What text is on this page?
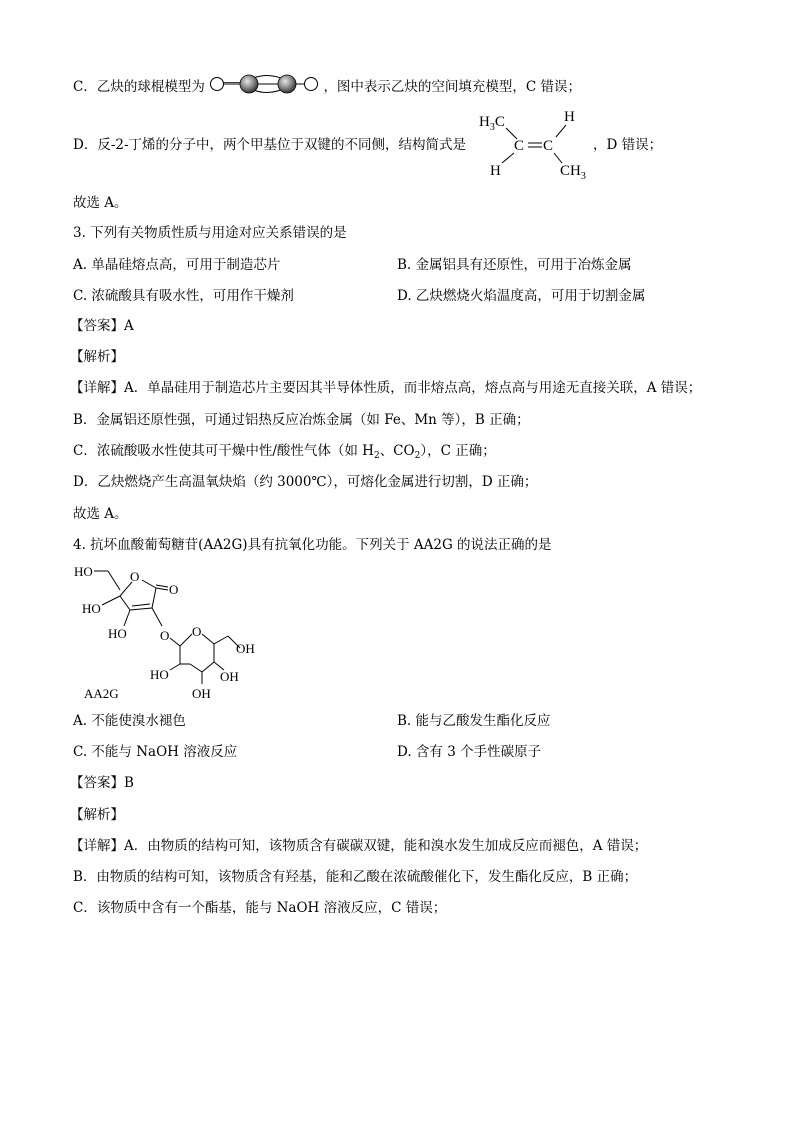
C．乙炔的球棍模型为	，图中表示乙炔的空间填充模型，C 错误；
D．反-2-丁烯的分子中，两个甲基位于双键的不同侧，结构简式是
$H_3C$
C C
H
H	$CH_3$
，D 错误；
故选 A。
3. 下列有关物质性质与用途对应关系错误的是
A. 单晶硅熔点高，可用于制造芯片	B. 金属铝具有还原性，可用于冶炼金属
C. 浓硫酸具有吸水性，可用作干燥剂	D. 乙炔燃烧火焰温度高，可用于切割金属
【答案】A
【解析】
【详解】A．单晶硅用于制造芯片主要因其半导体性质，而非熔点高，熔点高与用途无直接关联，A 错误；
B．金属铝还原性强，可通过铝热反应冶炼金属（如 Fe、Mn 等），B 正确；
C．浓硫酸吸水性使其可干燥中性/酸性气体（如 $H_2$、$CO_2$），C 正确；
D．乙炔燃烧产生高温氧炔焰（约 3000℃），可熔化金属进行切割，D 正确；
故选 A。
4. 抗坏血酸葡萄糖苷(AA2G)具有抗氧化功能。下列关于 AA2G 的说法正确的是
HO
HO
O
O
HO	O O
OH
OH
OH
HO
AA2G
A. 不能使溴水褪色	B. 能与乙酸发生酯化反应
C. 不能与 NaOH 溶液反应	D. 含有 3 个手性碳原子
【答案】B
【解析】
【详解】A．由物质的结构可知，该物质含有碳碳双键，能和溴水发生加成反应而褪色，A 错误；
B．由物质的结构可知，该物质含有羟基，能和乙酸在浓硫酸催化下，发生酯化反应，B 正确；
C．该物质中含有一个酯基，能与 NaOH 溶液反应，C 错误；
